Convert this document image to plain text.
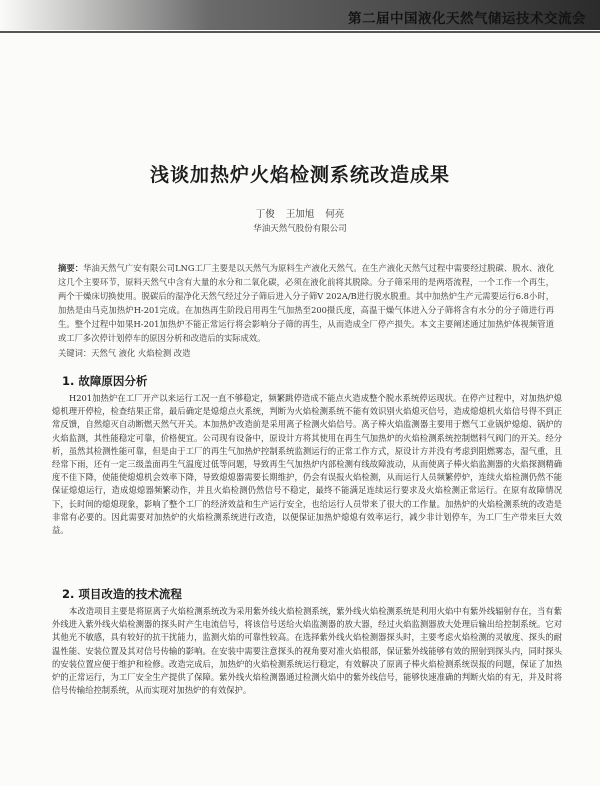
第二届中国液化天然气储运技术交流会
浅谈加热炉火焰检测系统改造成果
丁俊 王加旭 何亮
华油天然气股份有限公司
摘要：华油天然气广安有限公司LNG工厂主要是以天然气为原料生产液化天然气。在生产液化天然气过程中需要经过脱碳、脱水、液化这几个主要环节，原料天然气中含有大量的水分和二氧化碳，必须在液化前将其脱除。分子筛采用的是两塔流程，一个工作一个再生，两个干燥床切换使用。脱碳后的湿净化天然气经过分子筛后进入分子筛V 202A/B进行脱水脱重。其中加热炉生产元需要运行6.8小时，加热是由马克加热炉H-201完成。在加热再生阶段启用再生气加热至200摄氏度，高温干燥气体进入分子筛将含有水分的分子筛进行再生。整个过程中如果H-201加热炉不能正常运行将会影响分子筛的再生，从而造成全厂停产损失。本文主要阐述通过加热炉体视频管道或工厂多次停计划停车的原因分析和改造后的实际成效。
关键词：天然气 液化 火焰检测 改造
1. 故障原因分析
H201加热炉在工厂开产以来运行工况一直不够稳定，频繁跳停造成不能点火造成整个脱水系统停运现状。在停产过程中，对加热炉熄熄机理开停检，检查结果正常，最后确定是熄熄点火系统，判断为火焰检测系统不能有效识别火焰熄灭信号，造成熄熄机火焰信号得不到正常反馈，自然熄灭自动断燃天然气开关。本加热炉改造前是采用离子检测火焰信号。离子棒火焰监测器主要用于燃气工业锅炉熄熄、锅炉的火焰监测，其性能稳定可靠，价格便宜。公司现有设备中，原设计方将其使用在再生气加热炉的火焰检测系统控制燃料气阀门的开关。经分析，虽然其检测性能可靠，但是由于工厂的再生气加热炉控制系统监测运行的正常工作方式，原设计方并没有考虑到阻燃雾态，湿气重，且经常下雨，还有一定三级盖面再生气温度过低等问题，导致再生气加热炉内部检测有线故障波动，从而使离子棒火焰监测器的火焰探测精确度不佳下降，使能使熄熄机会效率下降，导致熄熄器需要长期维护，仍会有误报火焰检测，从而运行人员频繁停炉，连续火焰检测仍然不能保证熄熄运行，造成熄熄器频繁动作，并且火焰检测仍然信号不稳定，最终不能满足连续运行要求及火焰检测正常运行。在原有故障情况下，长时间的熄熄现象，影响了整个工厂的经济效益和生产运行安全，也给运行人员带来了很大的工作量。加热炉的火焰检测系统的改造是非常有必要的。因此需要对加热炉的火焰检测系统进行改造，以便保证加热炉熄熄有效率运行，减少非计划停车，为工厂生产带来巨大效益。
2. 项目改造的技术流程
本改造项目主要是将原离子火焰检测系统改为采用紫外线火焰检测系统，紫外线火焰检测系统是利用火焰中有紫外线辐射存在，当有紫外线进入紫外线火焰检测器的探头时产生电流信号，将该信号送给火焰监测器的放大器，经过火焰监测器放大处理后输出给控制系统。它对其他光不敏感，具有较好的抗干扰能力，监测火焰的可靠性较高。在选择紫外线火焰检测器探头时，主要考虑火焰检测的灵敏度、探头的耐温性能、安装位置及其对信号传输的影响。在安装中需要注意探头的视角要对准火焰根部，保证紫外线能够有效的照射到探头内，同时探头的安装位置应便于维护和检修。改造完成后，加热炉的火焰检测系统运行稳定，有效解决了原离子棒火焰检测系统误报的问题，保证了加热炉的正常运行，为工厂安全生产提供了保障。紫外线火焰检测器通过检测火焰中的紫外线信号，能够快速准确的判断火焰的有无，并及时将信号传输给控制系统，从而实现对加热炉的有效保护。
